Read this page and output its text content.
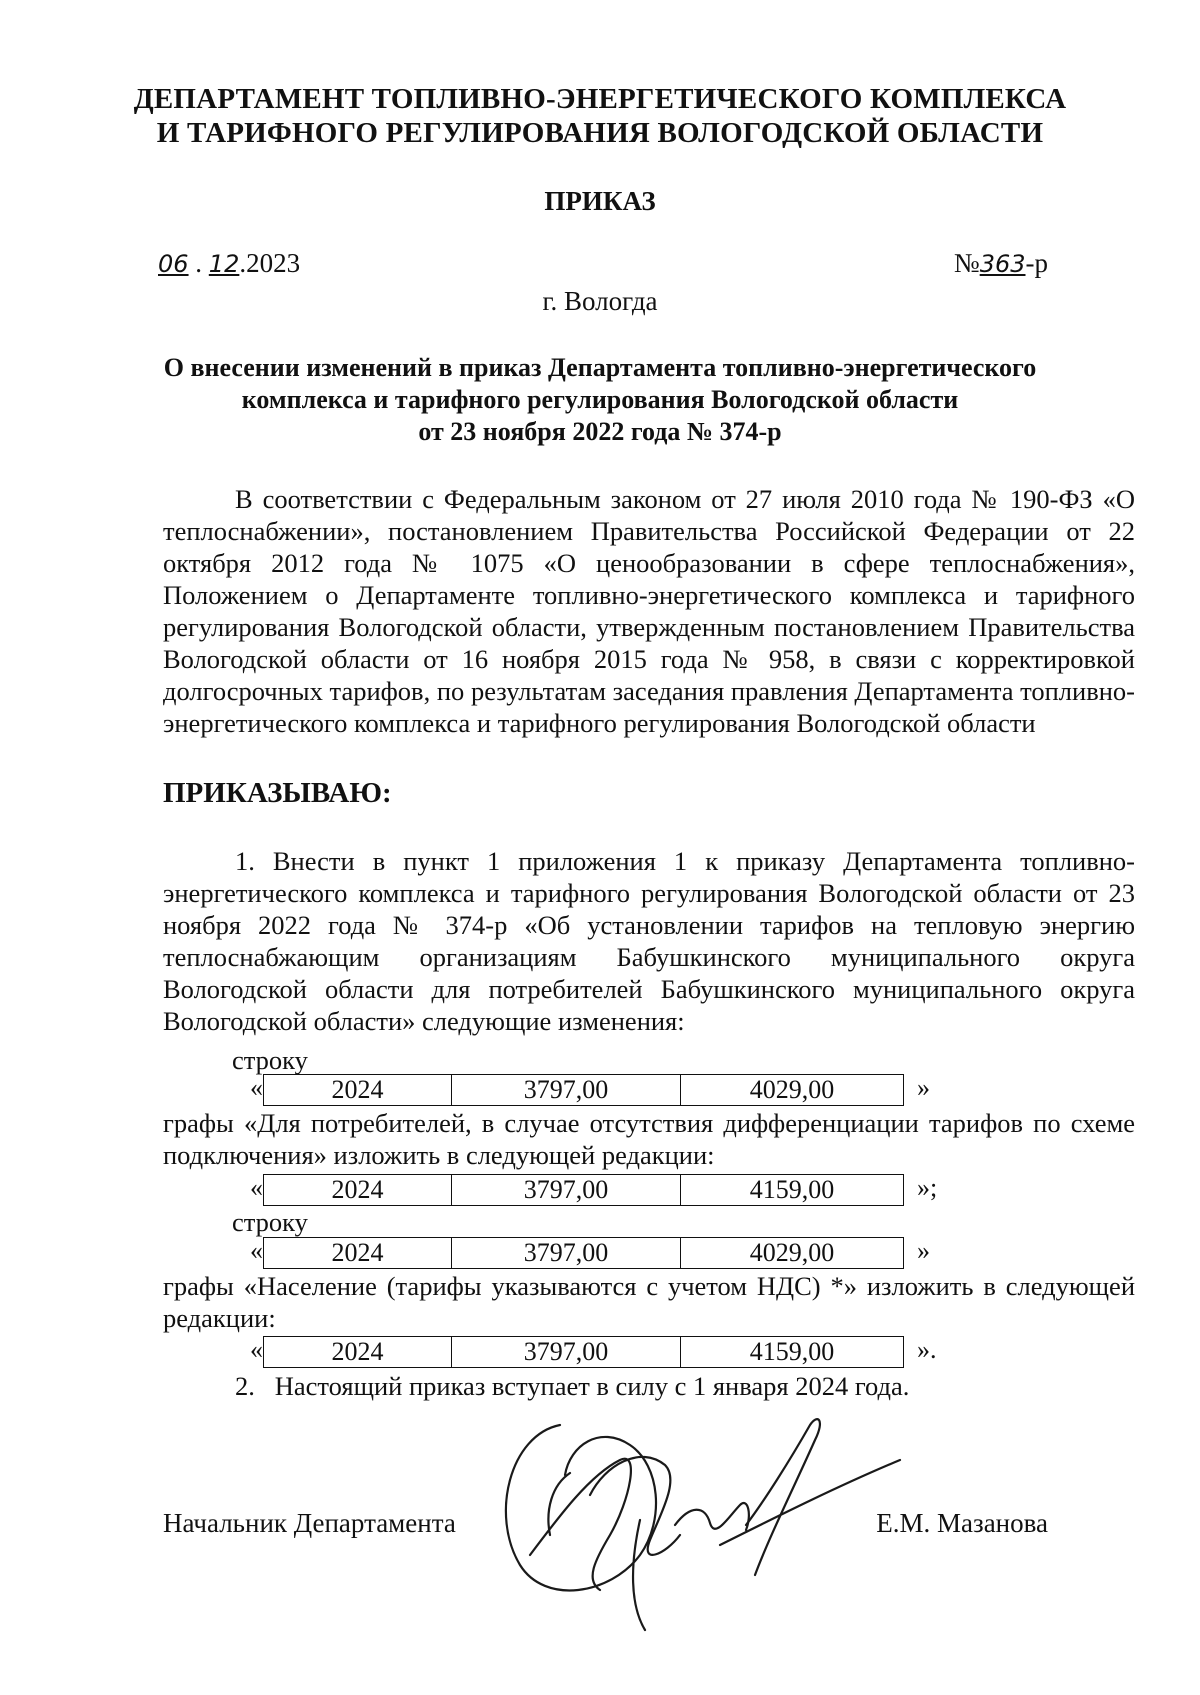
ДЕПАРТАМЕНТ ТОПЛИВНО-ЭНЕРГЕТИЧЕСКОГО КОМПЛЕКСА
И ТАРИФНОГО РЕГУЛИРОВАНИЯ ВОЛОГОДСКОЙ ОБЛАСТИ
ПРИКАЗ
06 . 12.2023	№363-р
г. Вологда
О внесении изменений в приказ Департамента топливно-энергетического
комплекса и тарифного регулирования Вологодской области
от 23 ноября 2022 года № 374-р
В соответствии с Федеральным законом от 27 июля 2010 года № 190-ФЗ «О теплоснабжении», постановлением Правительства Российской Федерации от 22 октября 2012 года № 1075 «О ценообразовании в сфере теплоснабжения», Положением о Департаменте топливно-энергетического комплекса и тарифного регулирования Вологодской области, утвержденным постановлением Правительства Вологодской области от 16 ноября 2015 года № 958, в связи с корректировкой долгосрочных тарифов, по результатам заседания правления Департамента топливно-энергетического комплекса и тарифного регулирования Вологодской области
ПРИКАЗЫВАЮ:
1. Внести в пункт 1 приложения 1 к приказу Департамента топливно-энергетического комплекса и тарифного регулирования Вологодской области от 23 ноября 2022 года № 374-р «Об установлении тарифов на тепловую энергию теплоснабжающим организациям Бабушкинского муниципального округа Вологодской области для потребителей Бабушкинского муниципального округа Вологодской области» следующие изменения:
строку
«	2024	3797,00	4029,00	»
графы «Для потребителей, в случае отсутствия дифференциации тарифов по схеме подключения» изложить в следующей редакции:
«	2024	3797,00	4159,00	»;
строку
«	2024	3797,00	4029,00	»
графы «Население (тарифы указываются с учетом НДС) *» изложить в следующей редакции:
«	2024	3797,00	4159,00	».
2.   Настоящий приказ вступает в силу с 1 января 2024 года.
Начальник Департамента	Е.М. Мазанова
